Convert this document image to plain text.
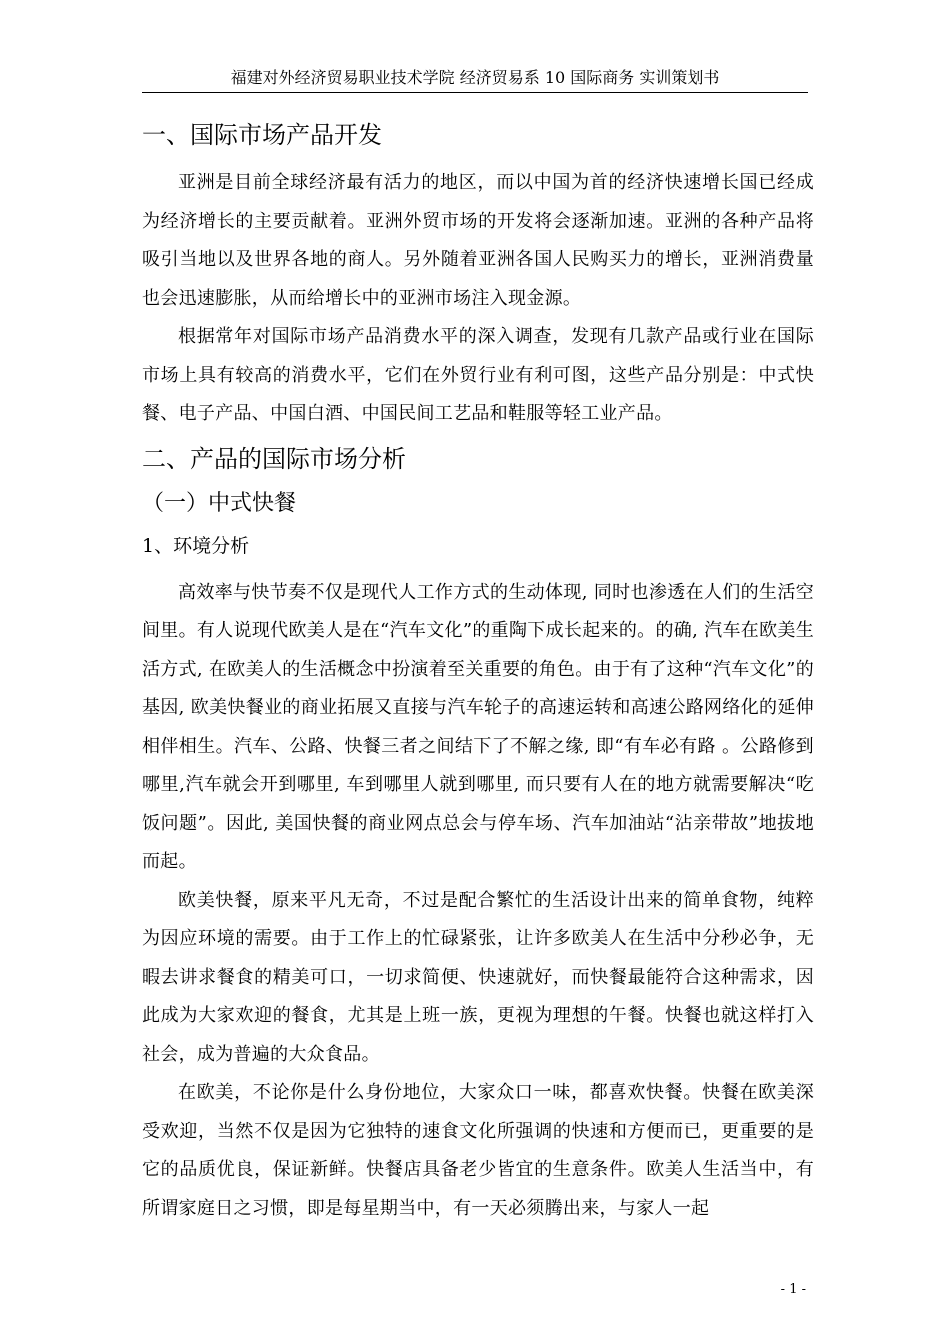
福建对外经济贸易职业技术学院 经济贸易系 10 国际商务 实训策划书
一、国际市场产品开发

亚洲是目前全球经济最有活力的地区，而以中国为首的经济快速增长国已经成为经济增长的主要贡献着。亚洲外贸市场的开发将会逐渐加速。亚洲的各种产品将吸引当地以及世界各地的商人。另外随着亚洲各国人民购买力的增长，亚洲消费量也会迅速膨胀，从而给增长中的亚洲市场注入现金源。

根据常年对国际市场产品消费水平的深入调查，发现有几款产品或行业在国际市场上具有较高的消费水平，它们在外贸行业有利可图，这些产品分别是：中式快餐、电子产品、中国白酒、中国民间工艺品和鞋服等轻工业产品。

二、产品的国际市场分析
（一）中式快餐
1、环境分析

高效率与快节奏不仅是现代人工作方式的生动体现, 同时也渗透在人们的生活空间里。有人说现代欧美人是在“汽车文化”的重陶下成长起来的。的确, 汽车在欧美生活方式, 在欧美人的生活概念中扮演着至关重要的角色。由于有了这种“汽车文化”的基因, 欧美快餐业的商业拓展又直接与汽车轮子的高速运转和高速公路网络化的延伸相伴相生。汽车、公路、快餐三者之间结下了不解之缘, 即“有车必有路 。公路修到哪里,汽车就会开到哪里, 车到哪里人就到哪里, 而只要有人在的地方就需要解决“吃饭问题”。因此, 美国快餐的商业网点总会与停车场、汽车加油站“沾亲带故”地拔地而起。

欧美快餐，原来平凡无奇，不过是配合繁忙的生活设计出来的简单食物，纯粹为因应环境的需要。由于工作上的忙碌紧张，让许多欧美人在生活中分秒必争，无暇去讲求餐食的精美可口，一切求简便、快速就好，而快餐最能符合这种需求，因此成为大家欢迎的餐食，尤其是上班一族，更视为理想的午餐。快餐也就这样打入社会，成为普遍的大众食品。

在欧美，不论你是什么身份地位，大家众口一味，都喜欢快餐。快餐在欧美深受欢迎，当然不仅是因为它独特的速食文化所强调的快速和方便而已，更重要的是它的品质优良，保证新鲜。快餐店具备老少皆宜的生意条件。欧美人生活当中，有所谓家庭日之习惯，即是每星期当中，有一天必须腾出来，与家人一起

- 1 -
